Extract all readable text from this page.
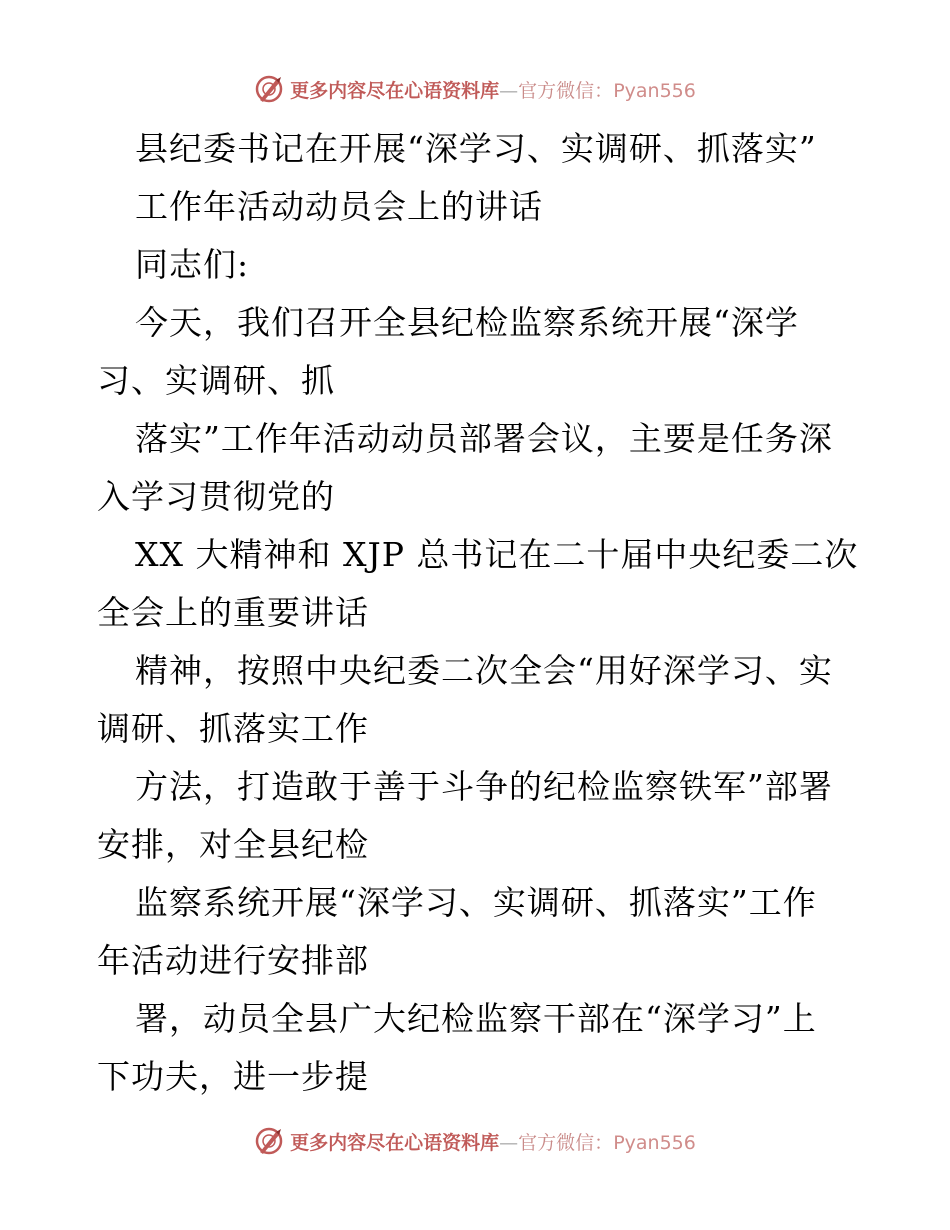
更多内容尽在心语资料库—官方微信：Pyan556
县纪委书记在开展“深学习、实调研、抓落实”
工作年活动动员会上的讲话
同志们:
今天，我们召开全县纪检监察系统开展“深学
习、实调研、抓
落实”工作年活动动员部署会议，主要是任务深
入学习贯彻党的
XX 大精神和 XJP 总书记在二十届中央纪委二次
全会上的重要讲话
精神，按照中央纪委二次全会“用好深学习、实
调研、抓落实工作
方法，打造敢于善于斗争的纪检监察铁军”部署
安排，对全县纪检
监察系统开展“深学习、实调研、抓落实”工作
年活动进行安排部
署，动员全县广大纪检监察干部在“深学习”上
下功夫，进一步提
更多内容尽在心语资料库—官方微信：Pyan556
